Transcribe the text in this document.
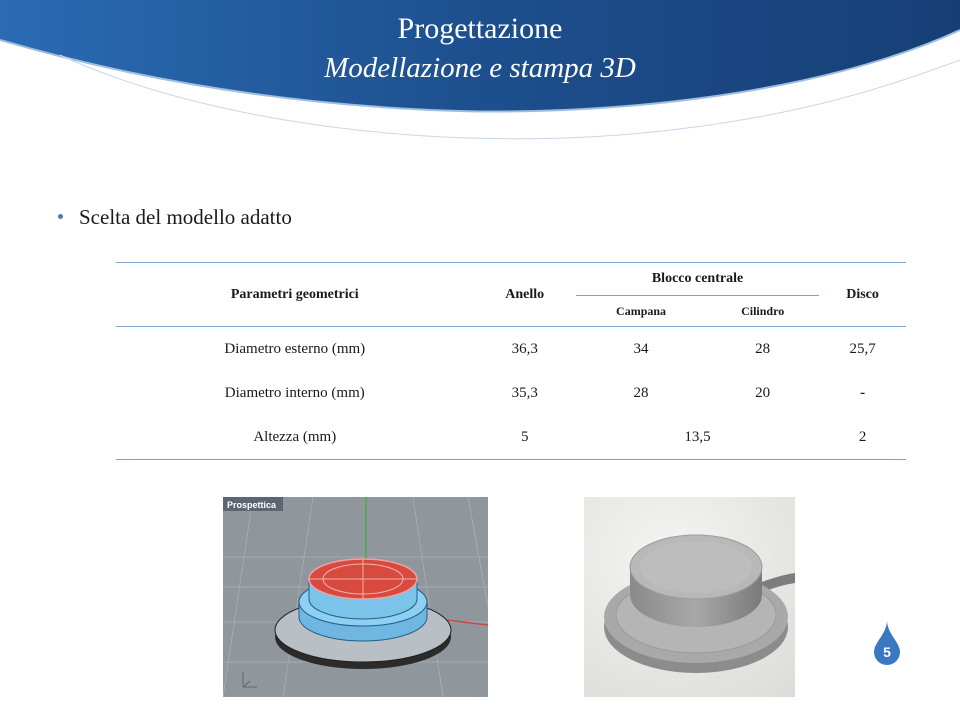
Progettazione
Modellazione e stampa 3D
Scelta del modello adatto
Parametri geometrici	Anello	Blocco centrale		Disco
		Campana	Cilindro	
Diametro esterno (mm)	36,3	34	28	25,7
Diametro interno (mm)	35,3	28	20	-
Altezza (mm)	5	13,5		2
Prospettica
5
